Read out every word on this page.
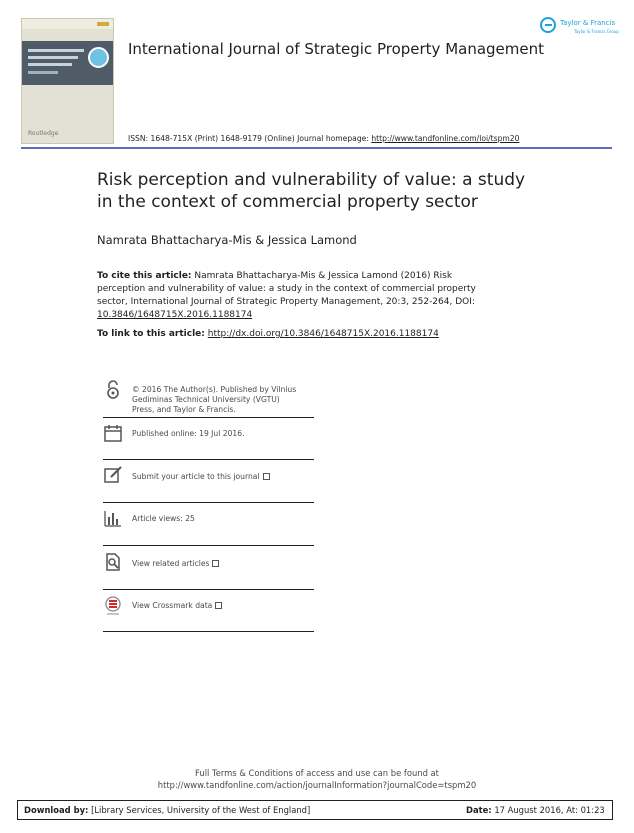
Routledge
International Journal of Strategic Property Management
Taylor & Francis
Taylor & Francis Group
ISSN: 1648-715X (Print) 1648-9179 (Online) Journal homepage: http://www.tandfonline.com/loi/tspm20
Risk perception and vulnerability of value: a study
in the context of commercial property sector
Namrata Bhattacharya-Mis & Jessica Lamond
To cite this article: Namrata Bhattacharya-Mis & Jessica Lamond (2016) Risk
perception and vulnerability of value: a study in the context of commercial property
sector, International Journal of Strategic Property Management, 20:3, 252-264, DOI:
10.3846/1648715X.2016.1188174
To link to this article: http://dx.doi.org/10.3846/1648715X.2016.1188174
© 2016 The Author(s). Published by Vilnius
Gediminas Technical University (VGTU)
Press, and Taylor & Francis.
Published online: 19 Jul 2016.
Submit your article to this journal
Article views: 25
View related articles
View Crossmark data
Full Terms & Conditions of access and use can be found at
http://www.tandfonline.com/action/journalInformation?journalCode=tspm20
Download by: [Library Services, University of the West of England]	Date: 17 August 2016, At: 01:23
